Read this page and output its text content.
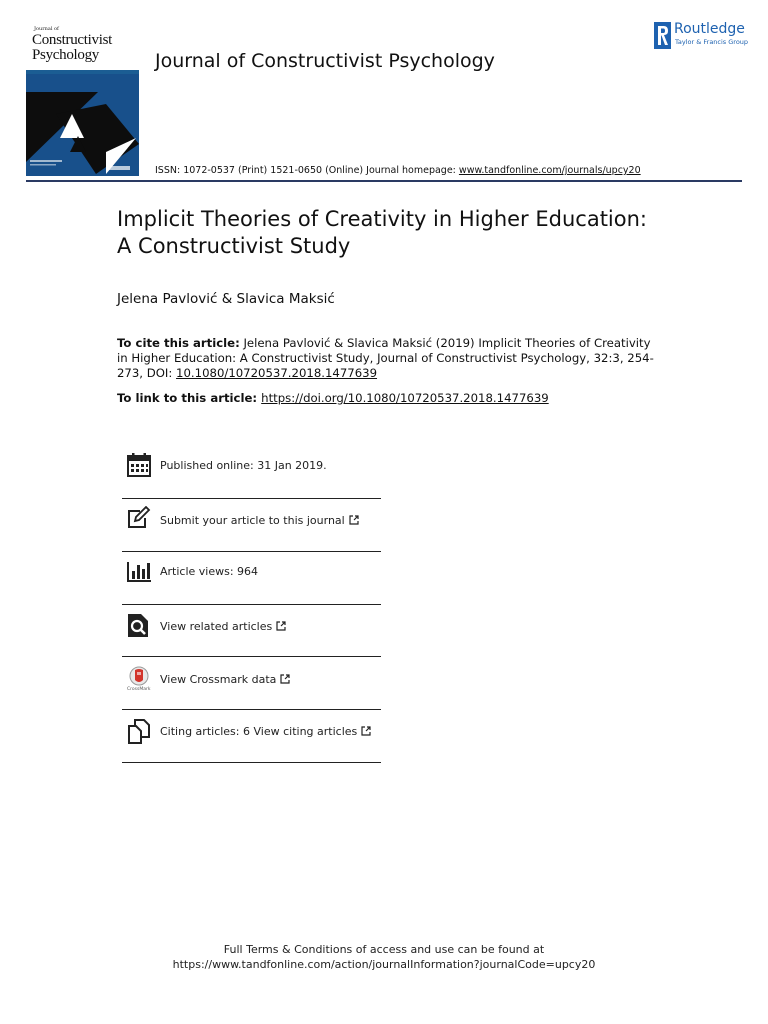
Journal of
Constructivist
Psychology	Journal of Constructivist Psychology
Routledge
Taylor & Francis Group
ISSN: 1072-0537 (Print) 1521-0650 (Online) Journal homepage: www.tandfonline.com/journals/upcy20
Implicit Theories of Creativity in Higher Education:
A Constructivist Study
Jelena Pavlović & Slavica Maksić
To cite this article: Jelena Pavlović & Slavica Maksić (2019) Implicit Theories of Creativity in Higher Education: A Constructivist Study, Journal of Constructivist Psychology, 32:3, 254-273, DOI: 10.1080/10720537.2018.1477639
To link to this article: https://doi.org/10.1080/10720537.2018.1477639
Published online: 31 Jan 2019.
Submit your article to this journal
Article views: 964
View related articles
CrossMark
View Crossmark data
Citing articles: 6 View citing articles
Full Terms & Conditions of access and use can be found at
https://www.tandfonline.com/action/journalInformation?journalCode=upcy20
